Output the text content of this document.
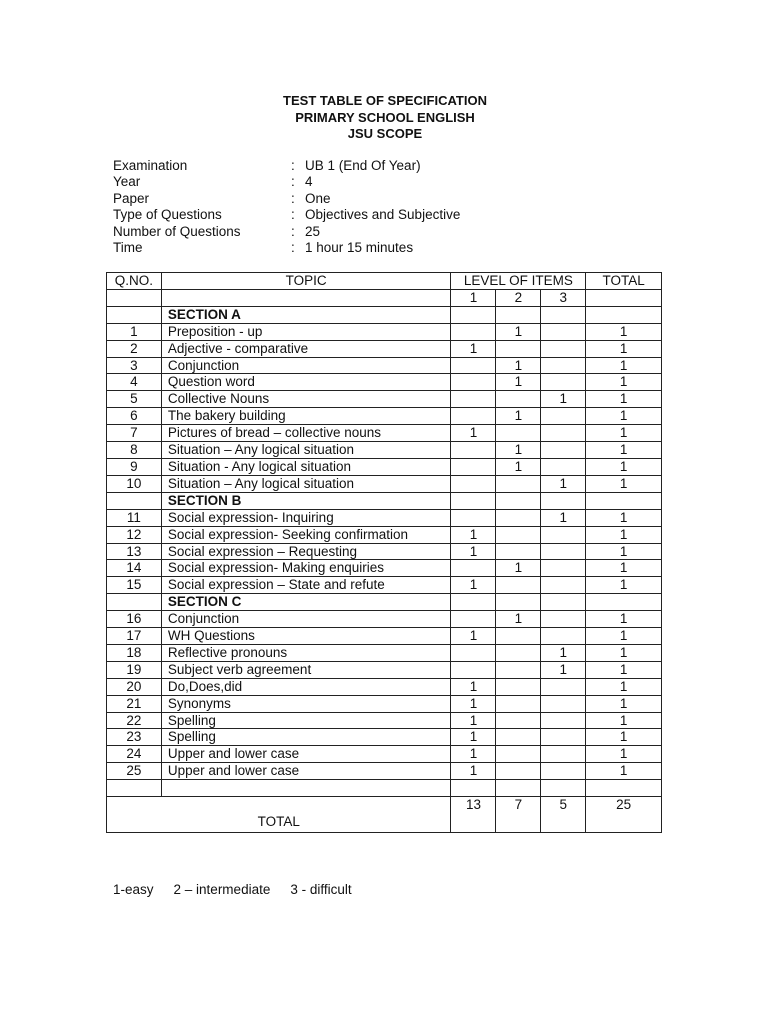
TEST TABLE OF SPECIFICATION
PRIMARY SCHOOL ENGLISH
JSU SCOPE
Examination	: UB 1 (End Of Year)
Year	: 4
Paper	: One
Type of Questions	: Objectives and Subjective
Number of Questions	: 25
Time	: 1 hour 15 minutes
Q.NO.	TOPIC	LEVEL OF ITEMS			TOTAL
		1	2	3	
	SECTION A				
1	Preposition - up		1		1
2	Adjective - comparative	1			1
3	Conjunction		1		1
4	Question word		1		1
5	Collective Nouns			1	1
6	The bakery building		1		1
7	Pictures of bread – collective nouns	1			1
8	Situation – Any logical situation		1		1
9	Situation - Any logical situation		1		1
10	Situation – Any logical situation			1	1
	SECTION B				
11	Social expression- Inquiring			1	1
12	Social expression- Seeking confirmation	1			1
13	Social expression – Requesting	1			1
14	Social expression- Making enquiries		1		1
15	Social expression – State and refute	1			1
	SECTION C				
16	Conjunction		1		1
17	WH Questions	1			1
18	Reflective pronouns			1	1
19	Subject verb agreement			1	1
20	Do,Does,did	1			1
21	Synonyms	1			1
22	Spelling	1			1
23	Spelling	1			1
24	Upper and lower case	1			1
25	Upper and lower case	1			1

TOTAL		13	7	5	25
1-easy 2 – intermediate 3 - difficult
